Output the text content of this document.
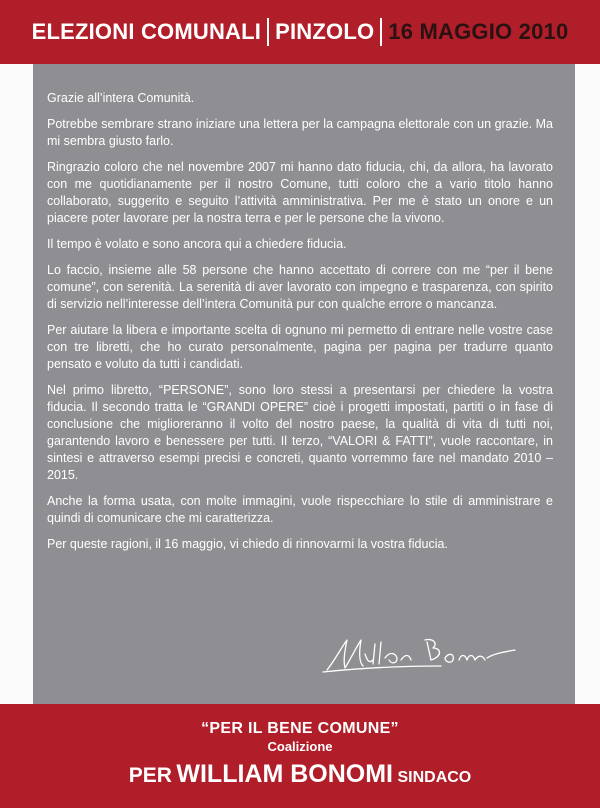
ELEZIONI COMUNALI PINZOLO 16 MAGGIO 2010

Grazie all’intera Comunità.

Potrebbe sembrare strano iniziare una lettera per la campagna elettorale con un grazie. Ma mi sembra giusto farlo.

Ringrazio coloro che nel novembre 2007 mi hanno dato fiducia, chi, da allora, ha lavorato con me quotidianamente per il nostro Comune, tutti coloro che a vario titolo hanno collaborato, suggerito e seguito l’attività amministrativa. Per me è stato un onore e un piacere poter lavorare per la nostra terra e per le persone che la vivono.

Il tempo è volato e sono ancora qui a chiedere fiducia.

Lo faccio, insieme alle 58 persone che hanno accettato di correre con me “per il bene comune”, con serenità. La serenità di aver lavorato con impegno e trasparenza, con spirito di servizio nell’interesse dell’intera Comunità pur con qualche errore o mancanza.

Per aiutare la libera e importante scelta di ognuno mi permetto di entrare nelle vostre case con tre libretti, che ho curato personalmente, pagina per pagina per tradurre quanto pensato e voluto da tutti i candidati.

Nel primo libretto, “PERSONE”, sono loro stessi a presentarsi per chiedere la vostra fiducia. Il secondo tratta le “GRANDI OPERE” cioè i progetti impostati, partiti o in fase di conclusione che miglioreranno il volto del nostro paese, la qualità di vita di tutti noi, garantendo lavoro e benessere per tutti. Il terzo, “VALORI & FATTI”, vuole raccontare, in sintesi e attraverso esempi precisi e concreti, quanto vorremmo fare nel mandato 2010 – 2015.

Anche la forma usata, con molte immagini, vuole rispecchiare lo stile di amministrare e quindi di comunicare che mi caratterizza.

Per queste ragioni, il 16 maggio, vi chiedo di rinnovarmi la vostra fiducia.

“PER IL BENE COMUNE”
Coalizione
PER WILLIAM BONOMI SINDACO
